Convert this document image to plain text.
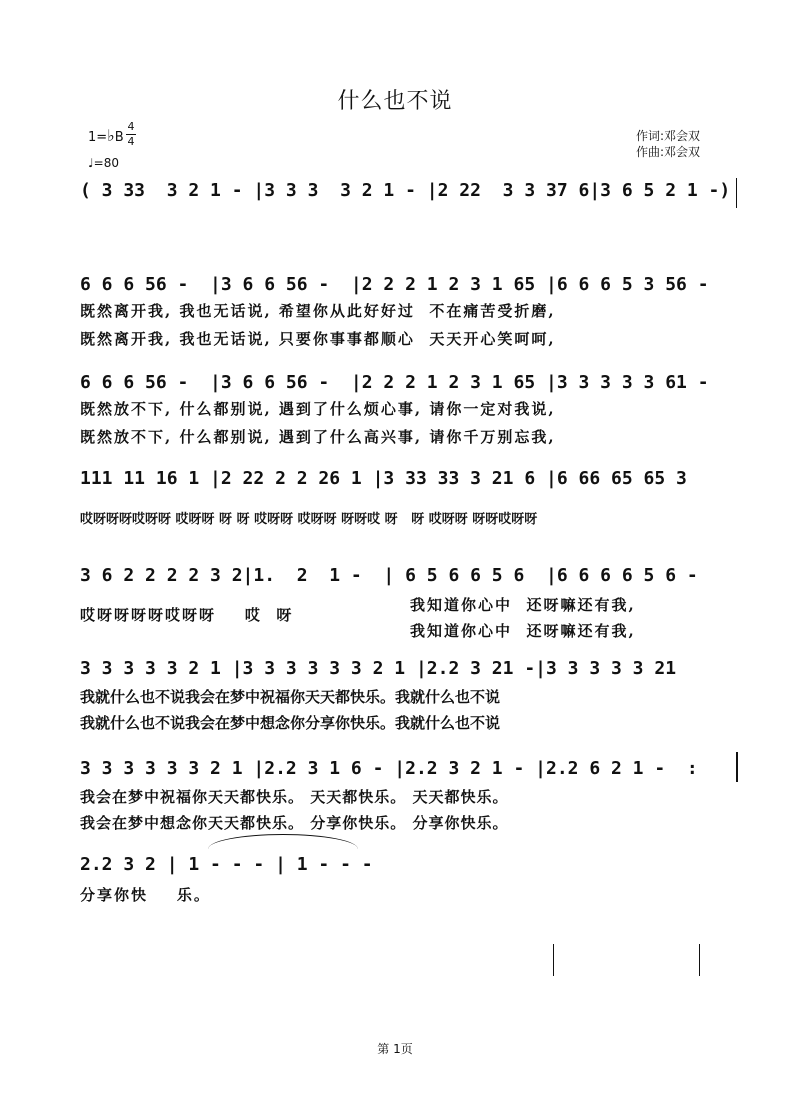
什么也不说
1=♭B
4
4
♩=80
作词:邓会双
作曲:邓会双
( 3 33  3 2 1 - |3 3 3  3 2 1 - |2 22  3 3 37 6|3 6 5 2 1 -)
6 6 6 56 -  |3 6 6 56 -  |2 2 2 1 2 3 1 65 |6 6 6 5 3 56 -
既然离开我, 我也无话说, 希望你从此好好过  不在痛苦受折磨,
既然离开我, 我也无话说, 只要你事事都顺心  天天开心笑呵呵,
6 6 6 56 -  |3 6 6 56 -  |2 2 2 1 2 3 1 65 |3 3 3 3 3 61 -
既然放不下, 什么都别说, 遇到了什么烦心事, 请你一定对我说,
既然放不下, 什么都别说, 遇到了什么高兴事, 请你千万别忘我,
111 11 16 1 |2 22 2 2 26 1 |3 33 33 3 21 6 |6 66 65 65 3
哎呀呀呀哎呀呀 哎呀呀 呀 呀 哎呀呀 哎呀呀 呀呀哎 呀   呀 哎呀呀 呀呀哎呀呀
3 6 2 2 2 2 3 2|1.  2  1 -  | 6 5 6 6 5 6  |6 6 6 6 5 6 -
哎呀呀呀呀哎呀呀    哎  呀
我知道你心中  还呀嘛还有我,
我知道你心中  还呀嘛还有我,
3 3 3 3 3 2 1 |3 3 3 3 3 3 2 1 |2.2 3 21 -|3 3 3 3 3 21
我就什么也不说我会在梦中祝福你天天都快乐。我就什么也不说
我就什么也不说我会在梦中想念你分享你快乐。我就什么也不说
3 3 3 3 3 3 2 1 |2.2 3 1 6 - |2.2 3 2 1 - |2.2 6 2 1 -  :
我会在梦中祝福你天天都快乐。 天天都快乐。 天天都快乐。
我会在梦中想念你天天都快乐。 分享你快乐。 分享你快乐。
2.2 3 2 | 1 - - - | 1 - - -
分享你快    乐。
第 1页
